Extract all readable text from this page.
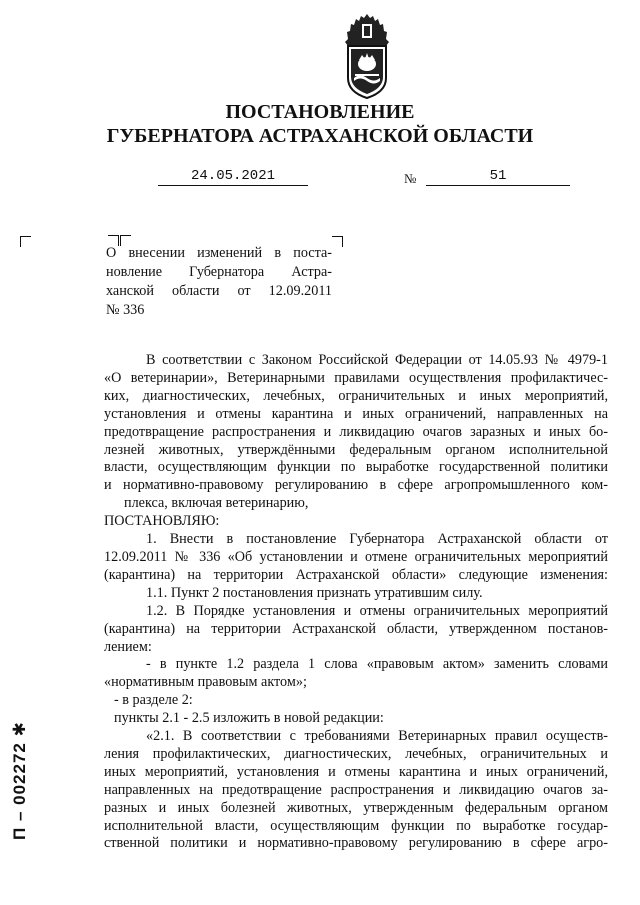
ПОСТАНОВЛЕНИЕ
ГУБЕРНАТОРА АСТРАХАНСКОЙ ОБЛАСТИ
24.05.2021	№	51
О внесении изменений в поста-
новление Губернатора Астра-
ханской области от 12.09.2011
№ 336
В соответствии с Законом Российской Федерации от 14.05.93 № 4979-1
«О ветеринарии», Ветеринарными правилами осуществления профилактичес-
ких, диагностических, лечебных, ограничительных и иных мероприятий,
установления и отмены карантина и иных ограничений, направленных на
предотвращение распространения и ликвидацию очагов заразных и иных бо-
лезней животных, утверждёнными федеральным органом исполнительной
власти, осуществляющим функции по выработке государственной политики
и нормативно-правовому регулированию в сфере агропромышленного ком-
плекса, включая ветеринарию,
ПОСТАНОВЛЯЮ:
1. Внести в постановление Губернатора Астраханской области от
12.09.2011 № 336 «Об установлении и отмене ограничительных мероприятий
(карантина) на территории Астраханской области» следующие изменения:
1.1. Пункт 2 постановления признать утратившим силу.
1.2. В Порядке установления и отмены ограничительных мероприятий
(карантина) на территории Астраханской области, утвержденном постанов-
лением:
- в пункте 1.2 раздела 1 слова «правовым актом» заменить словами
«нормативным правовым актом»;
- в разделе 2:
пункты 2.1 - 2.5 изложить в новой редакции:
«2.1. В соответствии с требованиями Ветеринарных правил осуществ-
ления профилактических, диагностических, лечебных, ограничительных и
иных мероприятий, установления и отмены карантина и иных ограничений,
направленных на предотвращение распространения и ликвидацию очагов за-
разных и иных болезней животных, утвержденным федеральным органом
исполнительной власти, осуществляющим функции по выработке государ-
ственной политики и нормативно-правовому регулированию в сфере агро-
П – 002272 ✱
